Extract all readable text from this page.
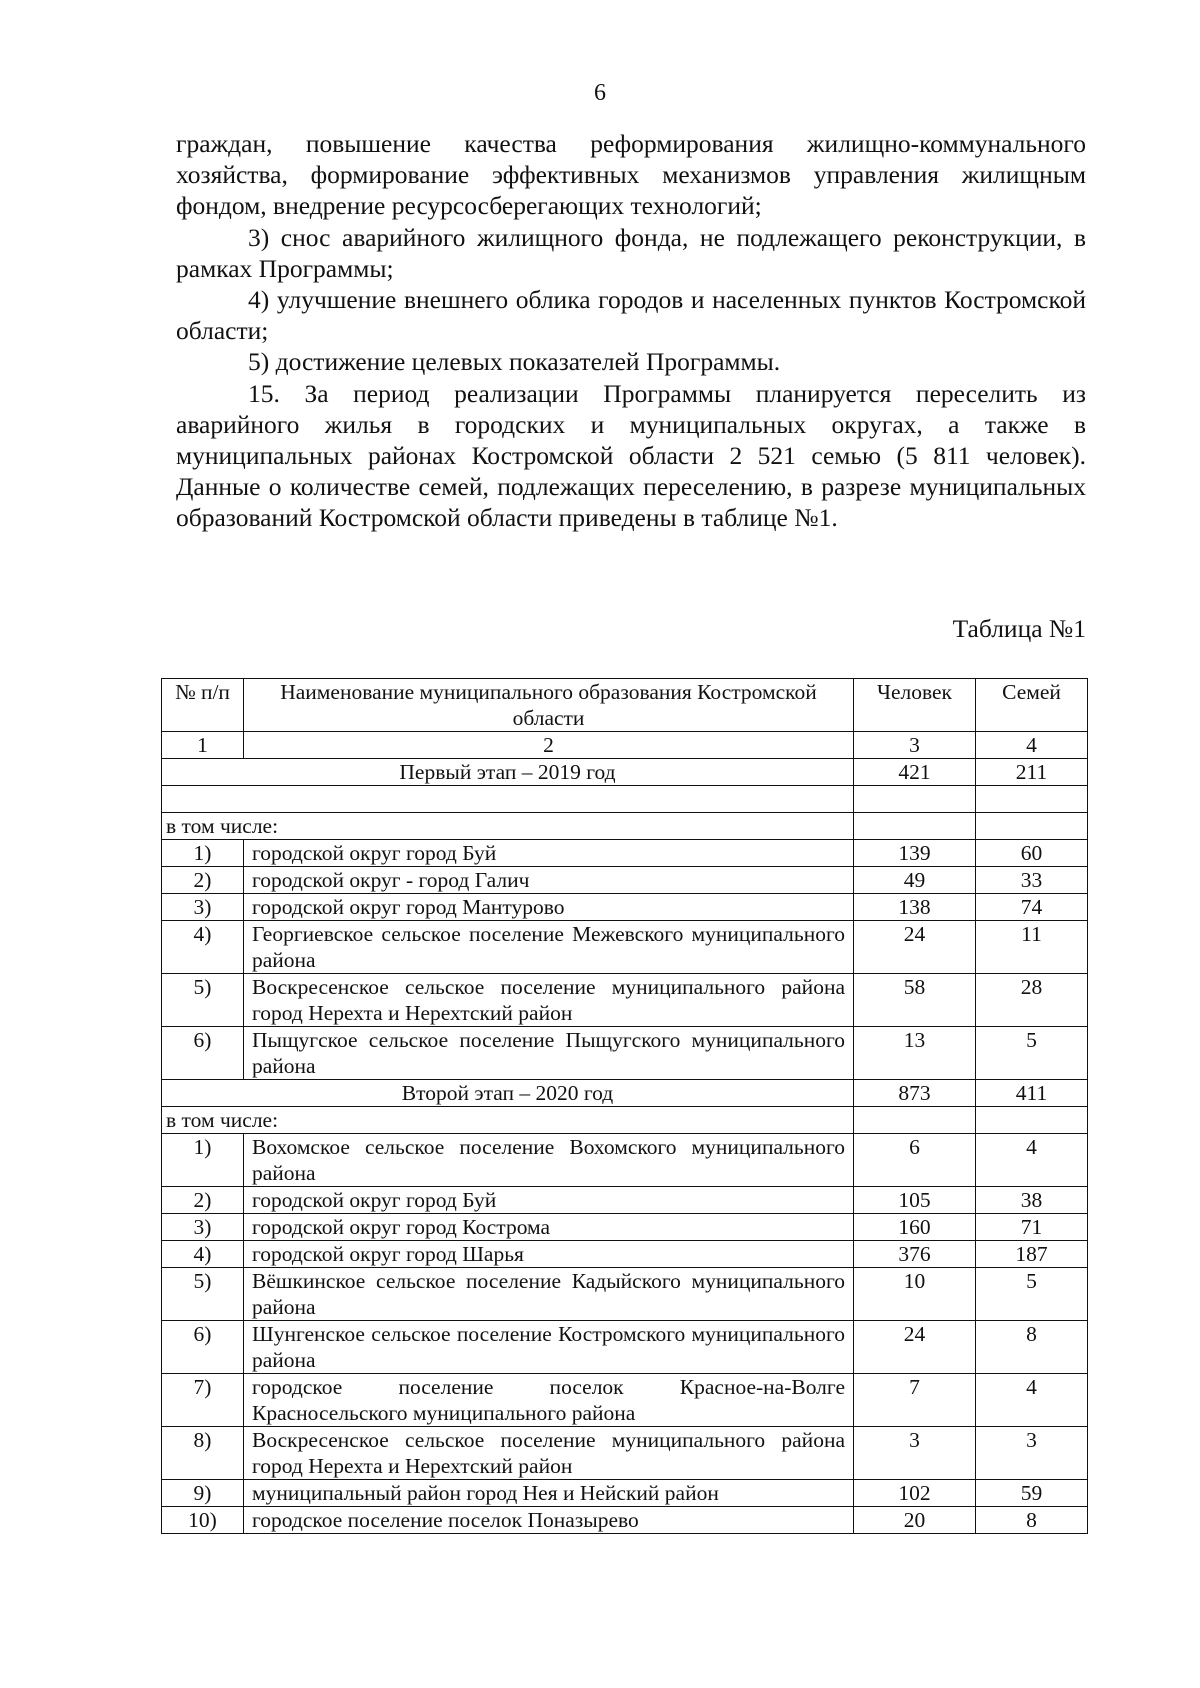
6

граждан, повышение качества реформирования жилищно-коммунального хозяйства, формирование эффективных механизмов управления жилищным фондом, внедрение ресурсосберегающих технологий;

3) снос аварийного жилищного фонда, не подлежащего реконструкции, в рамках Программы;

4) улучшение внешнего облика городов и населенных пунктов Костромской области;

5) достижение целевых показателей Программы.

15. За период реализации Программы планируется переселить из аварийного жилья в городских и муниципальных округах, а также в муниципальных районах Костромской области 2 521 семью (5 811 человек). Данные о количестве семей, подлежащих переселению, в разрезе муниципальных образований Костромской области приведены в таблице №1.

Таблица №1
№ п/п	Наименование муниципального образования Костромской области	Человек	Семей
1	2	3	4
Первый этап – 2019 год		421	211

в том числе:			
1)	городской округ город Буй	139	60
2)	городской округ - город Галич	49	33
3)	городской округ город Мантурово	138	74
4)	Георгиевское сельское поселение Межевского муниципального района	24	11
5)	Воскресенское сельское поселение муниципального района город Нерехта и Нерехтский район	58	28
6)	Пыщугское сельское поселение Пыщугского муниципального района	13	5
Второй этап – 2020 год		873	411
в том числе:			
1)	Вохомское сельское поселение Вохомского муниципального района	6	4
2)	городской округ город Буй	105	38
3)	городской округ город Кострома	160	71
4)	городской округ город Шарья	376	187
5)	Вёшкинское сельское поселение Кадыйского муниципального района	10	5
6)	Шунгенское сельское поселение Костромского муниципального района	24	8
7)	городское поселение поселок Красное-на-Волге Красносельского муниципального района	7	4
8)	Воскресенское сельское поселение муниципального района город Нерехта и Нерехтский район	3	3
9)	муниципальный район город Нея и Нейский район	102	59
10)	городское поселение поселок Поназырево	20	8
